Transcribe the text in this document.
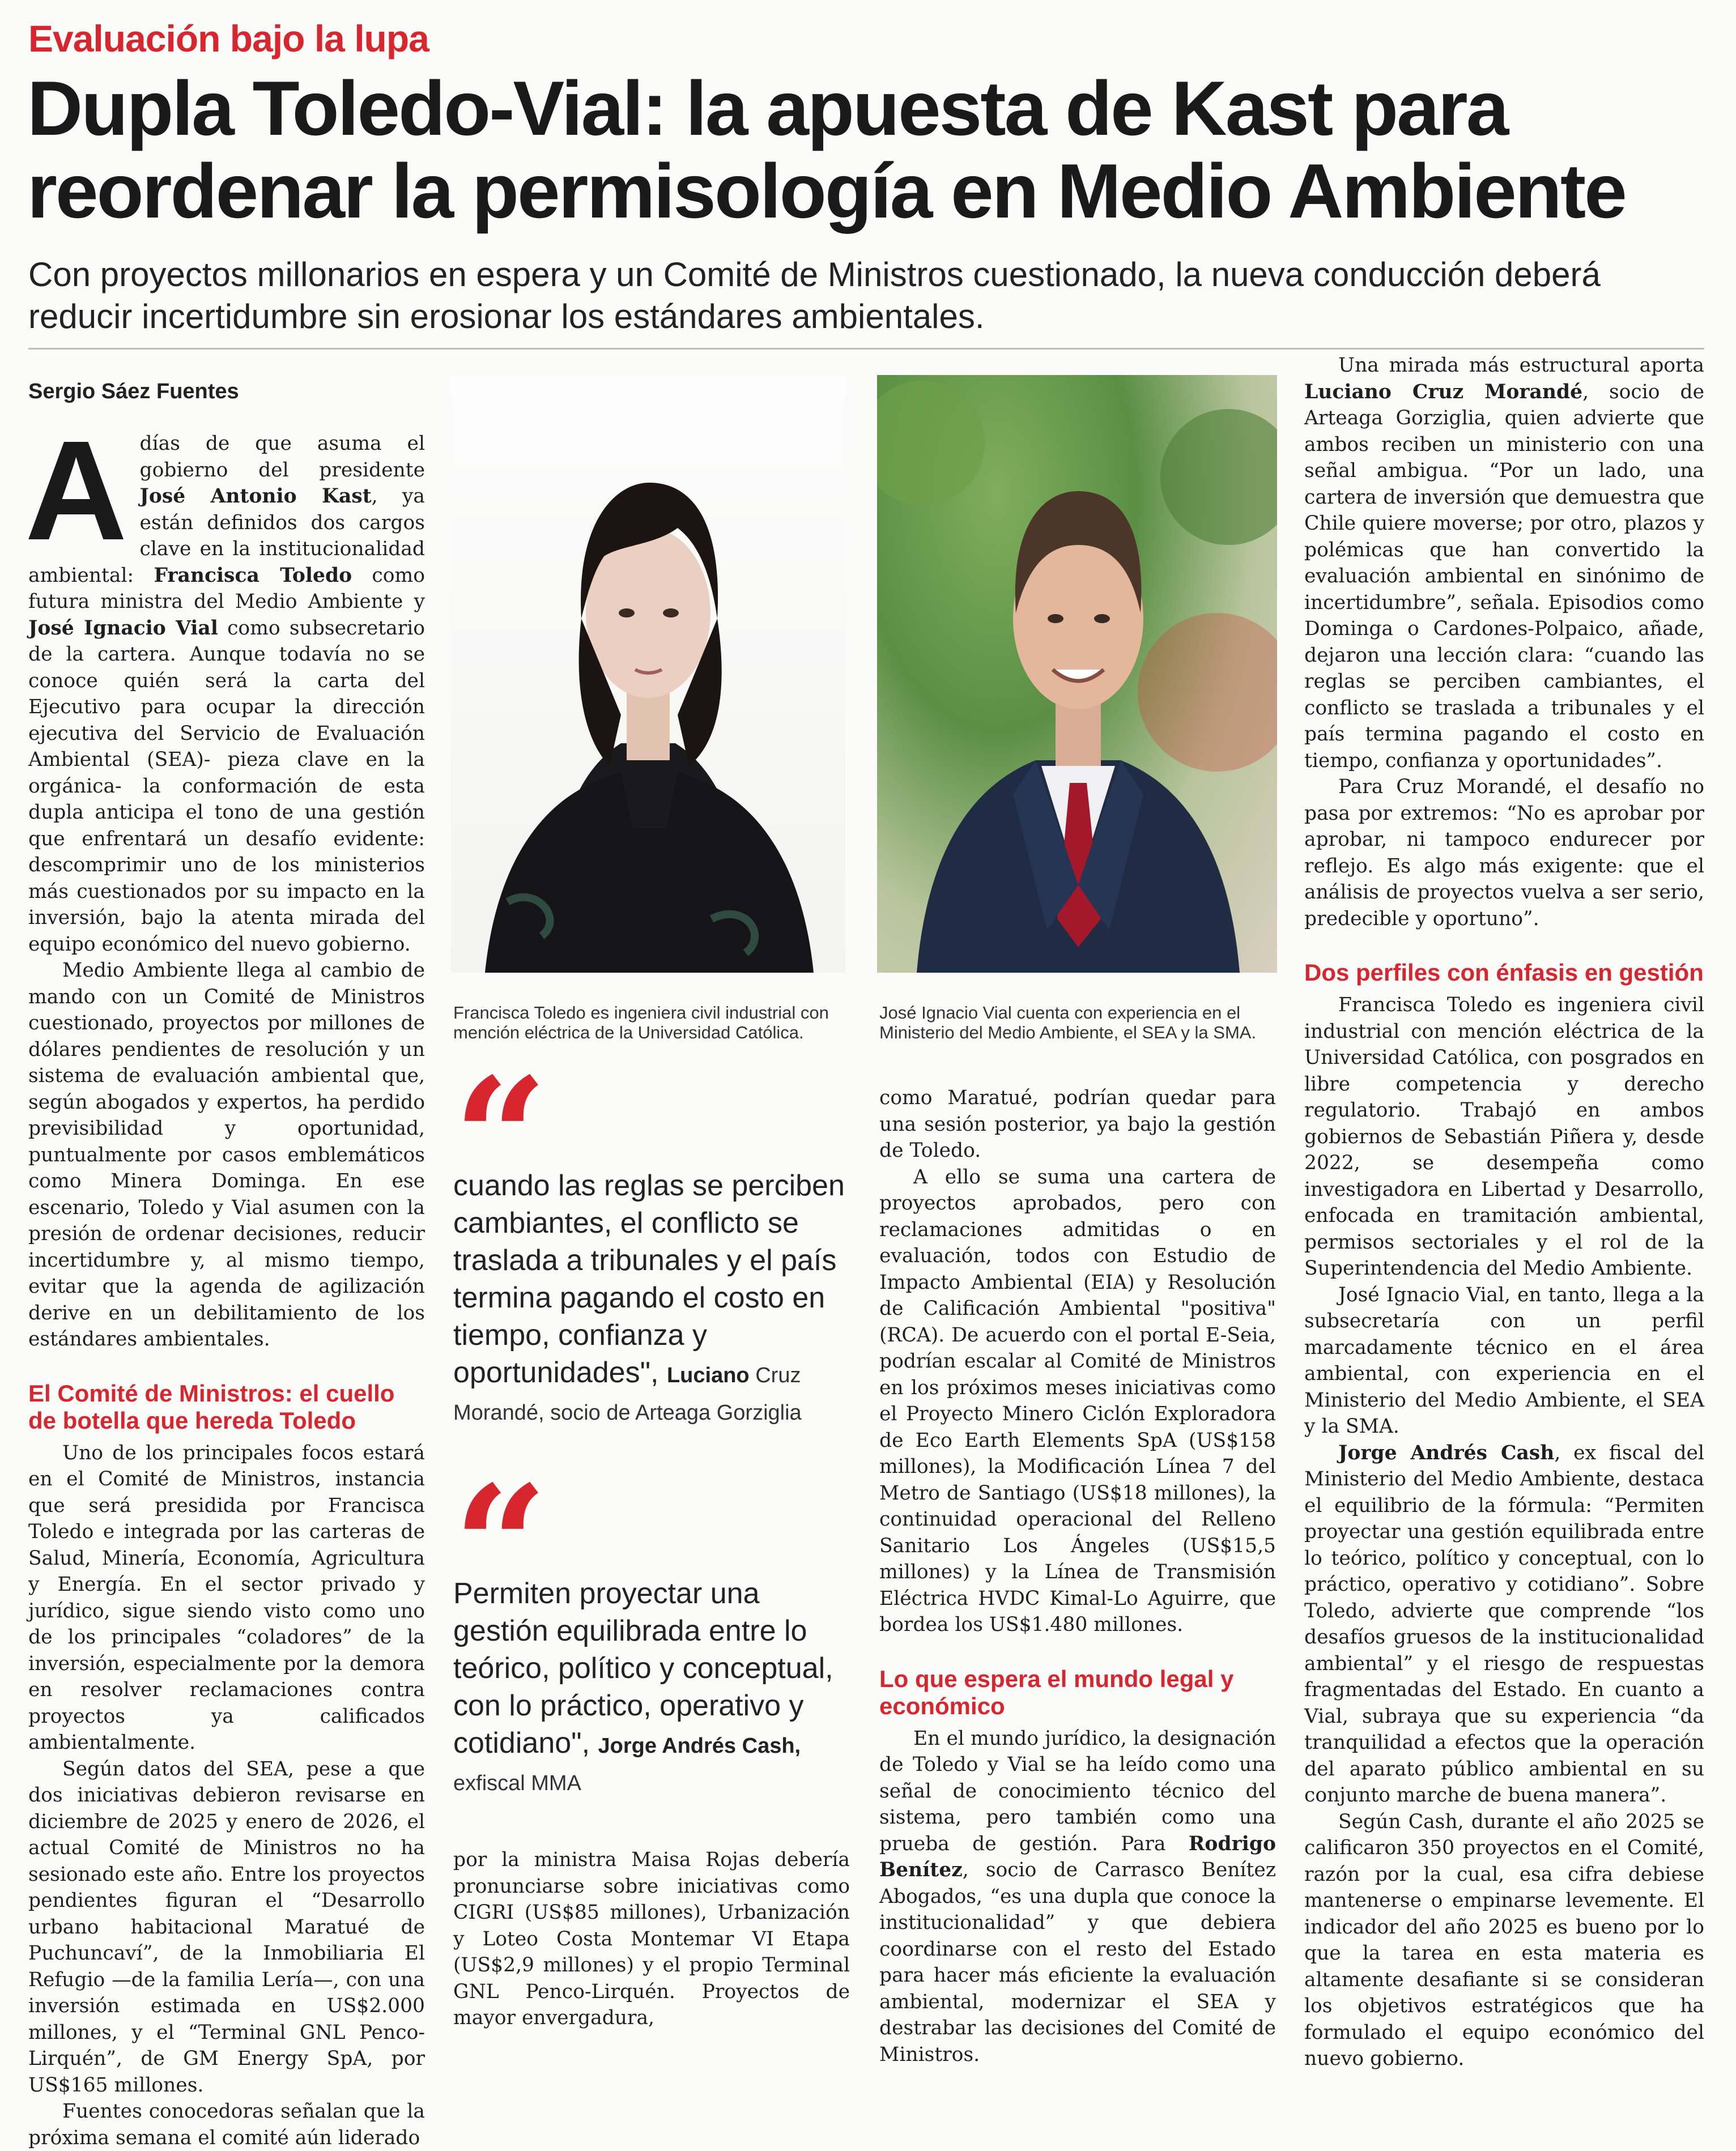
Evaluación bajo la lupa
Dupla Toledo-Vial: la apuesta de Kast para reordenar la permisología en Medio Ambiente

Con proyectos millonarios en espera y un Comité de Ministros cuestionado, la nueva conducción deberá reducir incertidumbre sin erosionar los estándares ambientales.

Sergio Sáez Fuentes

Adías de que asuma el gobierno del presidente José Antonio Kast, ya están definidos dos cargos clave en la institucionalidad ambiental: Francisca Toledo como futura ministra del Medio Ambiente y José Ignacio Vial como subsecretario de la cartera. Aunque todavía no se conoce quién será la carta del Ejecutivo para ocupar la dirección ejecutiva del Servicio de Evaluación Ambiental (SEA)- pieza clave en la orgánica- la conformación de esta dupla anticipa el tono de una gestión que enfrentará un desafío evidente: descomprimir uno de los ministerios más cuestionados por su impacto en la inversión, bajo la atenta mirada del equipo económico del nuevo gobierno.

Medio Ambiente llega al cambio de mando con un Comité de Ministros cuestionado, proyectos por millones de dólares pendientes de resolución y un sistema de evaluación ambiental que, según abogados y expertos, ha perdido previsibilidad y oportunidad, puntualmente por casos emblemáticos como Minera Dominga. En ese escenario, Toledo y Vial asumen con la presión de ordenar decisiones, reducir incertidumbre y, al mismo tiempo, evitar que la agenda de agilización derive en un debilitamiento de los estándares ambientales.

El Comité de Ministros: el cuello de botella que hereda Toledo

Uno de los principales focos estará en el Comité de Ministros, instancia que será presidida por Francisca Toledo e integrada por las carteras de Salud, Minería, Economía, Agricultura y Energía. En el sector privado y jurídico, sigue siendo visto como uno de los principales “coladores” de la inversión, especialmente por la demora en resolver reclamaciones contra proyectos ya calificados ambientalmente.

Según datos del SEA, pese a que dos iniciativas debieron revisarse en diciembre de 2025 y enero de 2026, el actual Comité de Ministros no ha sesionado este año. Entre los proyectos pendientes figuran el “Desarrollo urbano habitacional Maratué de Puchuncaví”, de la Inmobiliaria El Refugio —de la familia Lería—, con una inversión estimada en US$2.000 millones, y el “Terminal GNL Penco-Lirquén”, de GM Energy SpA, por US$165 millones.

Fuentes conocedoras señalan que la próxima semana el comité aún liderado

Francisca Toledo es ingeniera civil industrial con mención eléctrica de la Universidad Católica.
José Ignacio Vial cuenta con experiencia en el Ministerio del Medio Ambiente, el SEA y la SMA.
“
cuando las reglas se perciben cambiantes, el conflicto se traslada a tribunales y el país termina pagando el costo en tiempo, confianza y oportunidades", Luciano Cruz Morandé, socio de Arteaga Gorziglia
“
Permiten proyectar una gestión equilibrada entre lo teórico, político y conceptual, con lo práctico, operativo y cotidiano", Jorge Andrés Cash, exfiscal MMA

por la ministra Maisa Rojas debería pronunciarse sobre iniciativas como CIGRI (US$85 millones), Urbanización y Loteo Costa Montemar VI Etapa (US$2,9 millones) y el propio Terminal GNL Penco-Lirquén. Proyectos de mayor envergadura,

como Maratué, podrían quedar para una sesión posterior, ya bajo la gestión de Toledo.

A ello se suma una cartera de proyectos aprobados, pero con reclamaciones admitidas o en evaluación, todos con Estudio de Impacto Ambiental (EIA) y Resolución de Calificación Ambiental "positiva" (RCA). De acuerdo con el portal E-Seia, podrían escalar al Comité de Ministros en los próximos meses iniciativas como el Proyecto Minero Ciclón Exploradora de Eco Earth Elements SpA (US$158 millones), la Modificación Línea 7 del Metro de Santiago (US$18 millones), la continuidad operacional del Relleno Sanitario Los Ángeles (US$15,5 millones) y la Línea de Transmisión Eléctrica HVDC Kimal-Lo Aguirre, que bordea los US$1.480 millones.

Lo que espera el mundo legal y económico

En el mundo jurídico, la designación de Toledo y Vial se ha leído como una señal de conocimiento técnico del sistema, pero también como una prueba de gestión. Para Rodrigo Benítez, socio de Carrasco Benítez Abogados, “es una dupla que conoce la institucionalidad” y que debiera coordinarse con el resto del Estado para hacer más eficiente la evaluación ambiental, modernizar el SEA y destrabar las decisiones del Comité de Ministros.

Una mirada más estructural aporta Luciano Cruz Morandé, socio de Arteaga Gorziglia, quien advierte que ambos reciben un ministerio con una señal ambigua. “Por un lado, una cartera de inversión que demuestra que Chile quiere moverse; por otro, plazos y polémicas que han convertido la evaluación ambiental en sinónimo de incertidumbre”, señala. Episodios como Dominga o Cardones-Polpaico, añade, dejaron una lección clara: “cuando las reglas se perciben cambiantes, el conflicto se traslada a tribunales y el país termina pagando el costo en tiempo, confianza y oportunidades”.

Para Cruz Morandé, el desafío no pasa por extremos: “No es aprobar por aprobar, ni tampoco endurecer por reflejo. Es algo más exigente: que el análisis de proyectos vuelva a ser serio, predecible y oportuno”.

Dos perfiles con énfasis en gestión

Francisca Toledo es ingeniera civil industrial con mención eléctrica de la Universidad Católica, con posgrados en libre competencia y derecho regulatorio. Trabajó en ambos gobiernos de Sebastián Piñera y, desde 2022, se desempeña como investigadora en Libertad y Desarrollo, enfocada en tramitación ambiental, permisos sectoriales y el rol de la Superintendencia del Medio Ambiente.

José Ignacio Vial, en tanto, llega a la subsecretaría con un perfil marcadamente técnico en el área ambiental, con experiencia en el Ministerio del Medio Ambiente, el SEA y la SMA.

Jorge Andrés Cash, ex fiscal del Ministerio del Medio Ambiente, destaca el equilibrio de la fórmula: “Permiten proyectar una gestión equilibrada entre lo teórico, político y conceptual, con lo práctico, operativo y cotidiano”. Sobre Toledo, advierte que comprende “los desafíos gruesos de la institucionalidad ambiental” y el riesgo de respuestas fragmentadas del Estado. En cuanto a Vial, subraya que su experiencia “da tranquilidad a efectos que la operación del aparato público ambiental en su conjunto marche de buena manera”.

Según Cash, durante el año 2025 se calificaron 350 proyectos en el Comité, razón por la cual, esa cifra debiese mantenerse o empinarse levemente. El indicador del año 2025 es bueno por lo que la tarea en esta materia es altamente desafiante si se consideran los objetivos estratégicos que ha formulado el equipo económico del nuevo gobierno.
